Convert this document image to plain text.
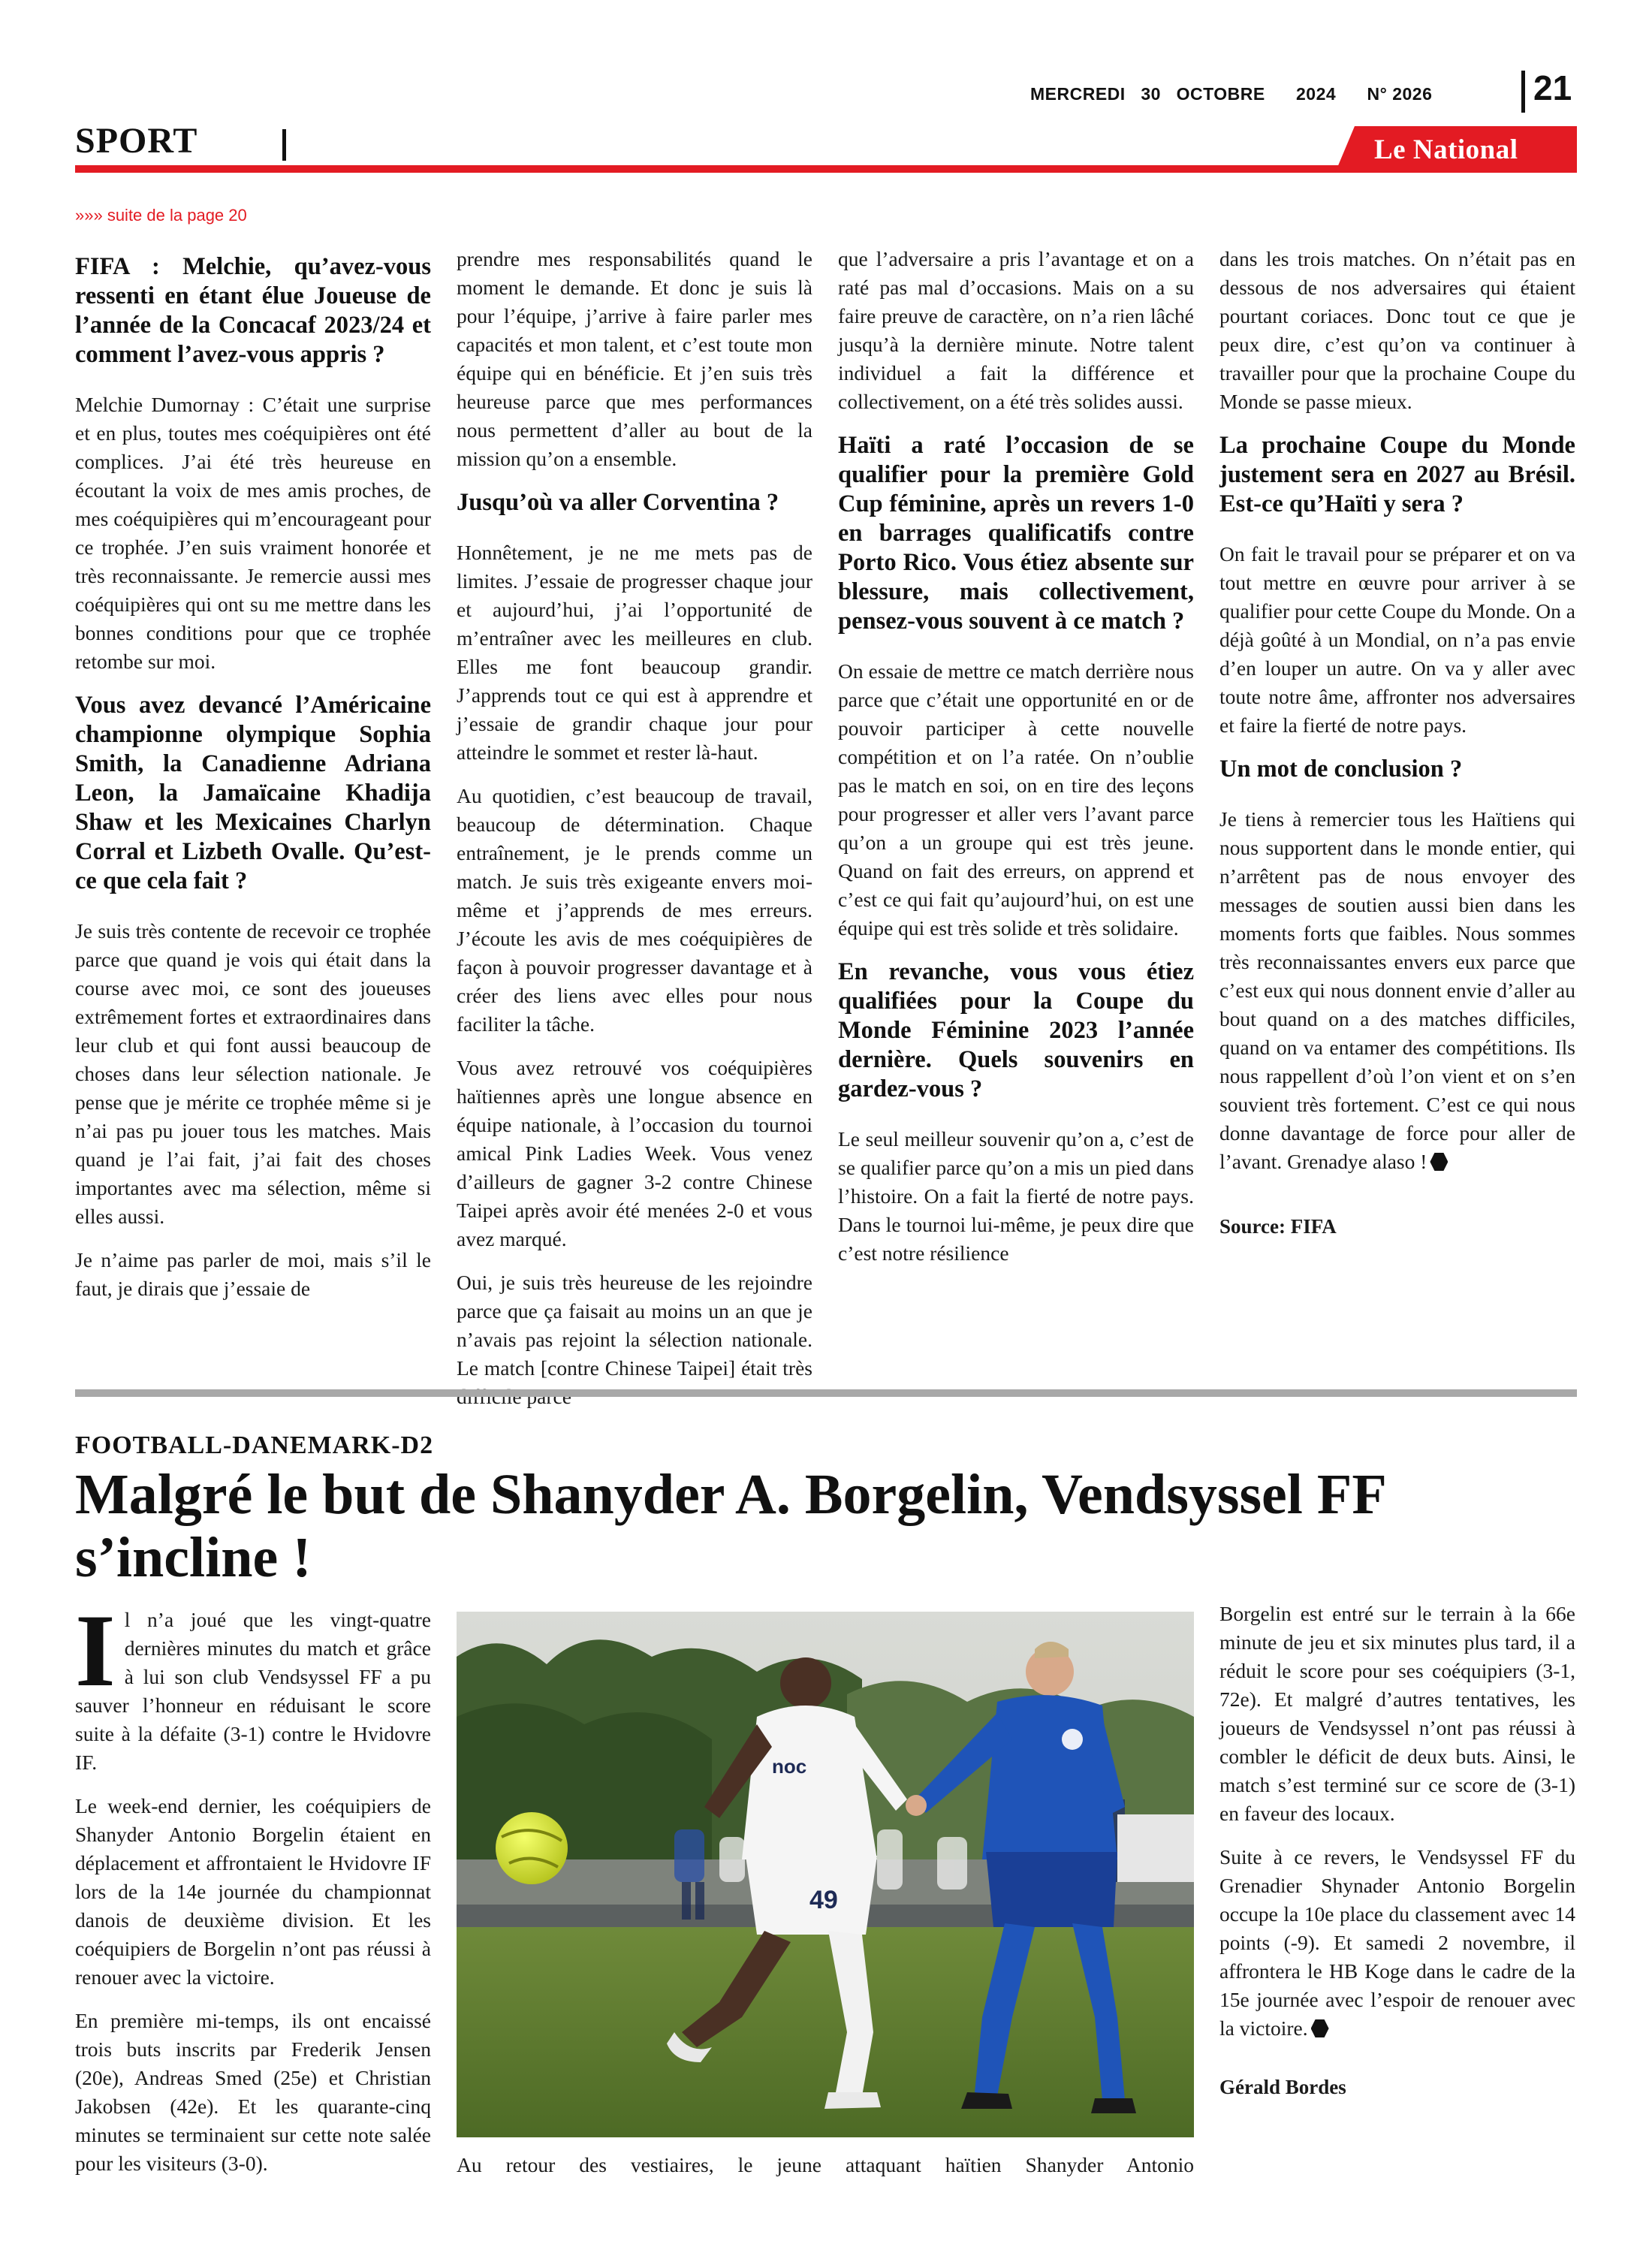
MERCREDI   30   OCTOBRE      2024      N° 2026	21
SPORT	Le National
»»» suite de la page 20
FIFA : Melchie, qu’avez-vous ressenti en étant élue Joueuse de l’année de la Concacaf 2023/24 et comment l’avez-vous appris ?

Melchie Dumornay : C’était une surprise et en plus, toutes mes coéquipières ont été complices. J’ai été très heureuse en écoutant la voix de mes amis proches, de mes coéquipières qui m’encourageant pour ce trophée. J’en suis vraiment honorée et très reconnaissante. Je remercie aussi mes coéquipières qui ont su me mettre dans les bonnes conditions pour que ce trophée retombe sur moi.

Vous avez devancé l’Américaine championne olympique Sophia Smith, la Canadienne Adriana Leon, la Jamaïcaine Khadija Shaw et les Mexicaines Charlyn Corral et Lizbeth Ovalle. Qu’est-ce que cela fait ?

Je suis très contente de recevoir ce trophée parce que quand je vois qui était dans la course avec moi, ce sont des joueuses extrêmement fortes et extraordinaires dans leur club et qui font aussi beaucoup de choses dans leur sélection nationale. Je pense que je mérite ce trophée même si je n’ai pas pu jouer tous les matches. Mais quand je l’ai fait, j’ai fait des choses importantes avec ma sélection, même si elles aussi.

Je n’aime pas parler de moi, mais s’il le faut, je dirais que j’essaie de

prendre mes responsabilités quand le moment le demande. Et donc je suis là pour l’équipe, j’arrive à faire parler mes capacités et mon talent, et c’est toute mon équipe qui en bénéficie. Et j’en suis très heureuse parce que mes performances nous permettent d’aller au bout de la mission qu’on a ensemble.

Jusqu’où va aller Corventina ?

Honnêtement, je ne me mets pas de limites. J’essaie de progresser chaque jour et aujourd’hui, j’ai l’opportunité de m’entraîner avec les meilleures en club. Elles me font beaucoup grandir. J’apprends tout ce qui est à apprendre et j’essaie de grandir chaque jour pour atteindre le sommet et rester là-haut.

Au quotidien, c’est beaucoup de travail, beaucoup de détermination. Chaque entraînement, je le prends comme un match. Je suis très exigeante envers moi-même et j’apprends de mes erreurs. J’écoute les avis de mes coéquipières de façon à pouvoir progresser davantage et à créer des liens avec elles pour nous faciliter la tâche.

Vous avez retrouvé vos coéquipières haïtiennes après une longue absence en équipe nationale, à l’occasion du tournoi amical Pink Ladies Week. Vous venez d’ailleurs de gagner 3-2 contre Chinese Taipei après avoir été menées 2-0 et vous avez marqué.

Oui, je suis très heureuse de les rejoindre parce que ça faisait au moins un an que je n’avais pas rejoint la sélection nationale. Le match [contre Chinese Taipei] était très

que l’adversaire a pris l’avantage et on a raté pas mal d’occasions. Mais on a su faire preuve de caractère, on n’a rien lâché jusqu’à la dernière minute. Notre talent individuel a fait la différence et collectivement, on a été très solides aussi.

Haïti a raté l’occasion de se qualifier pour la première Gold Cup féminine, après un revers 1-0 en barrages qualificatifs contre Porto Rico. Vous étiez absente sur blessure, mais collectivement, pensez-vous souvent à ce match ?

On essaie de mettre ce match derrière nous parce que c’était une opportunité en or de pouvoir participer à cette nouvelle compétition et on l’a ratée. On n’oublie pas le match en soi, on en tire des leçons pour progresser et aller vers l’avant parce qu’on a un groupe qui est très jeune. Quand on fait des erreurs, on apprend et c’est ce qui fait qu’aujourd’hui, on est une équipe qui est très solide et très solidaire.

En revanche, vous vous étiez qualifiées pour la Coupe du Monde Féminine 2023 l’année dernière. Quels souvenirs en gardez-vous ?

Le seul meilleur souvenir qu’on a, c’est de se qualifier parce qu’on a mis un pied dans l’histoire. On a fait la fierté de notre pays. Dans le tournoi lui-même, je peux dire que c’est notre résilience

dans les trois matches. On n’était pas en dessous de nos adversaires qui étaient pourtant coriaces. Donc tout ce que je peux dire, c’est qu’on va continuer à travailler pour que la prochaine Coupe du Monde se passe mieux.

La prochaine Coupe du Monde justement sera en 2027 au Brésil. Est-ce qu’Haïti y sera ?

On fait le travail pour se préparer et on va tout mettre en œuvre pour arriver à se qualifier pour cette Coupe du Monde. On a déjà goûté à un Mondial, on n’a pas envie d’en louper un autre. On va y aller avec toute notre âme, affronter nos adversaires et faire la fierté de notre pays.

Un mot de conclusion ?

Je tiens à remercier tous les Haïtiens qui nous supportent dans le monde entier, qui n’arrêtent pas de nous envoyer des messages de soutien aussi bien dans les moments forts que faibles. Nous sommes très reconnaissantes envers eux parce que c’est eux qui nous donnent envie d’aller au bout quand on a des matches difficiles, quand on va entamer des compétitions. Ils nous rappellent d’où l’on vient et on s’en souvient très fortement. C’est ce qui nous donne davantage de force pour aller de l’avant. Grenadye alaso !

Source: FIFA

FOOTBALL-DANEMARK-D2
Malgré le but de Shanyder A. Borgelin, Vendsyssel FF s’incline !
I l n’a joué que les vingt-quatre dernières minutes du match et grâce à lui son club Vendsyssel FF a pu sauver l’honneur en réduisant le score suite à la défaite (3-1) contre le Hvidovre IF.

Le week-end dernier, les coéquipiers de Shanyder Antonio Borgelin étaient en déplacement et affrontaient le Hvidovre IF lors de la 14e journée du championnat danois de deuxième division. Et les coéquipiers de Borgelin n’ont pas réussi à renouer avec la victoire.

En première mi-temps, ils ont encaissé trois buts inscrits par Frederik Jensen (20e), Andreas Smed (25e) et Christian Jakobsen (42e). Et les quarante-cinq minutes se terminaient sur cette note salée pour les visiteurs (3-0).

noc
49
Au retour des vestiaires, le jeune attaquant haïtien Shanyder Antonio

Borgelin est entré sur le terrain à la 66e minute de jeu et six minutes plus tard, il a réduit le score pour ses coéquipiers (3-1, 72e). Et malgré d’autres tentatives, les joueurs de Vendsyssel n’ont pas réussi à combler le déficit de deux buts. Ainsi, le match s’est terminé sur ce score de (3-1) en faveur des locaux.

Suite à ce revers, le Vendsyssel FF du Grenadier Shynader Antonio Borgelin occupe la 10e place du classement avec 14 points (-9). Et samedi 2 novembre, il affrontera le HB Koge dans le cadre de la 15e journée avec l’espoir de renouer avec la victoire.

Gérald Bordes
